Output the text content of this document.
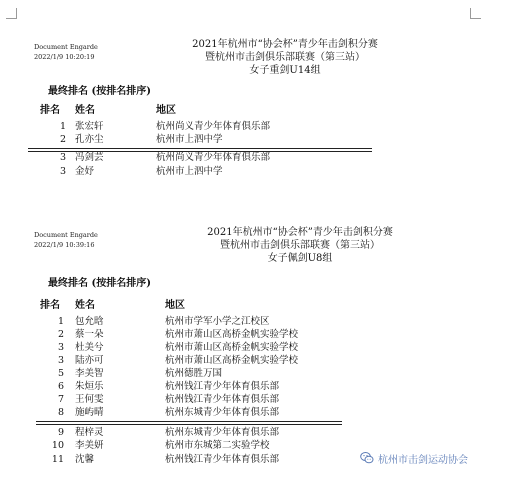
Document Engarde
2022/1/9 10:20:19
2021年杭州市“协会杯”青少年击剑积分赛
暨杭州市击剑俱乐部联赛（第三站）
女子重剑U14组
最终排名 (按排名排序)
排名 姓名	地区
1 张宏轩	杭州尚义青少年体育俱乐部
2 孔亦尘	杭州市上泗中学
3 冯剑芸	杭州尚义青少年体育俱乐部
3 金妤	杭州市上泗中学
Document Engarde
2022/1/9 10:39:16
2021年杭州市“协会杯”青少年击剑积分赛
暨杭州市击剑俱乐部联赛（第三站）
女子佩剑U8组
最终排名 (按排名排序)
排名 姓名	地区
1 包允晗	杭州市学军小学之江校区
2 蔡一朵	杭州市萧山区高桥金帆实验学校
3 杜美兮	杭州市萧山区高桥金帆实验学校
3 陆亦可	杭州市萧山区高桥金帆实验学校
5 李美智	杭州德胜万国
6 朱烜乐	杭州钱江青少年体育俱乐部
7 王何雯	杭州钱江青少年体育俱乐部
8 施屿晴	杭州东城青少年体育俱乐部
9 程梓灵	杭州东城青少年体育俱乐部
10 李美妍	杭州市东城第二实验学校
11 沈馨	杭州钱江青少年体育俱乐部	杭州市击剑运动协会
